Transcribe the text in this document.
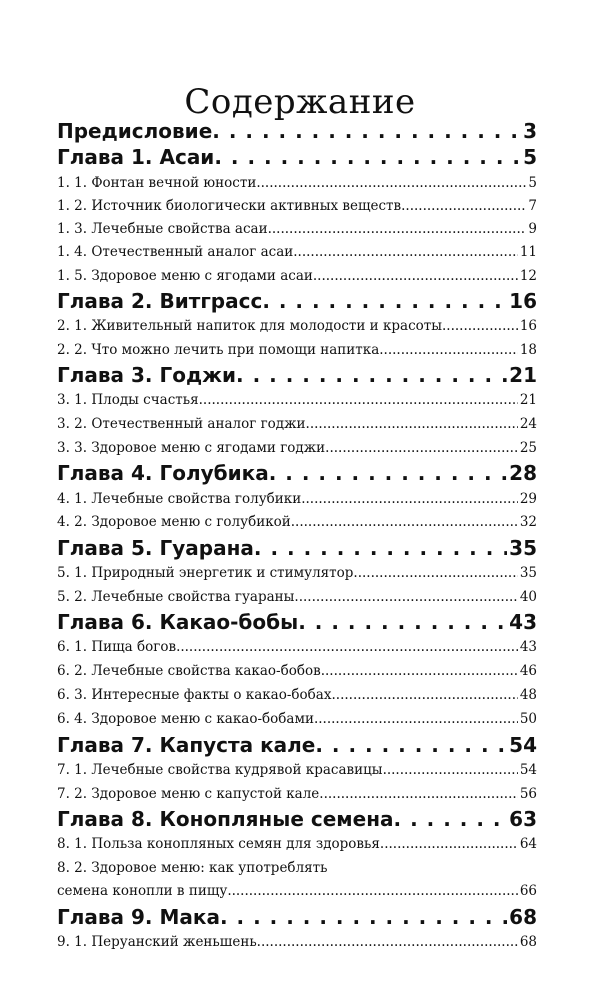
Содержание
Предисловие . . .	3
Глава 1. Асаи . . .	5
1. 1. Фонтан вечной юности .....	5
1. 2. Источник биологически активных веществ .....	7
1. 3. Лечебные свойства асаи .....	9
1. 4. Отечественный аналог асаи .....	11
1. 5. Здоровое меню с ягодами асаи .....	12
Глава 2. Витграсс . . .	16
2. 1. Живительный напиток для молодости и красоты .....	16
2. 2. Что можно лечить при помощи напитка .....	18
Глава 3. Годжи . . .	21
3. 1. Плоды счастья .....	21
3. 2. Отечественный аналог годжи .....	24
3. 3. Здоровое меню с ягодами годжи .....	25
Глава 4. Голубика . . .	28
4. 1. Лечебные свойства голубики .....	29
4. 2. Здоровое меню с голубикой .....	32
Глава 5. Гуарана . . .	35
5. 1. Природный энергетик и стимулятор .....	35
5. 2. Лечебные свойства гуараны .....	40
Глава 6. Какао-бобы . . .	43
6. 1. Пища богов .....	43
6. 2. Лечебные свойства какао-бобов .....	46
6. 3. Интересные факты о какао-бобах .....	48
6. 4. Здоровое меню с какао-бобами .....	50
Глава 7. Капуста кале . . .	54
7. 1. Лечебные свойства кудрявой красавицы .....	54
7. 2. Здоровое меню с капустой кале .....	56
Глава 8. Конопляные семена . . .	63
8. 1. Польза конопляных семян для здоровья .....	64
8. 2. Здоровое меню: как употреблять
семена конопли в пищу .....	66
Глава 9. Мака . . .	68
9. 1. Перуанский женьшень .....	68
